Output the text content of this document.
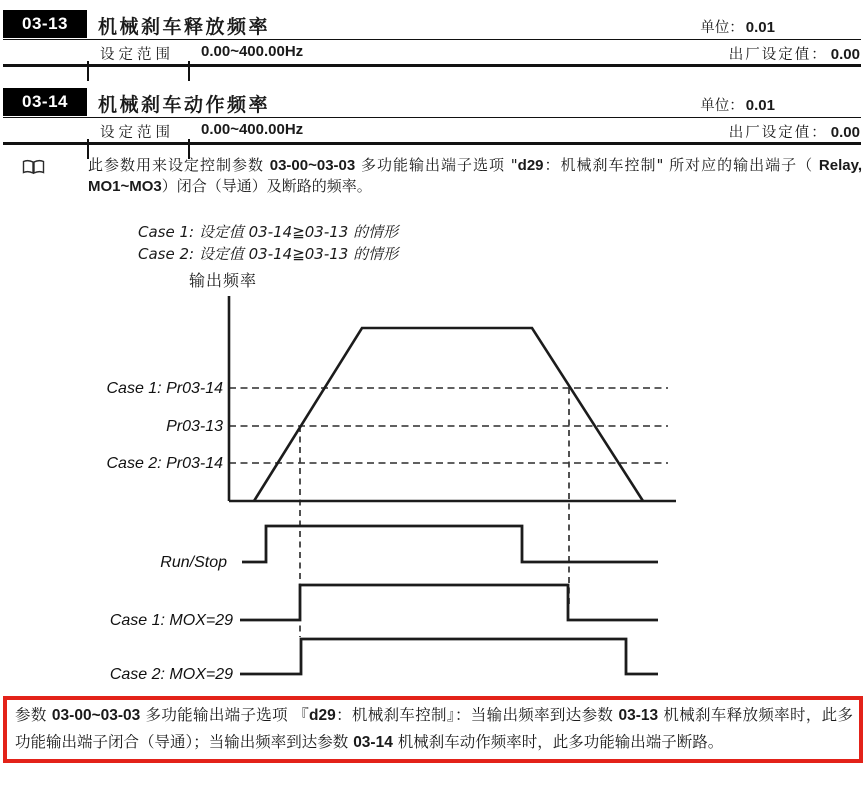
03-13	机械刹车释放频率	单位： 0.01
设定范围 0.00~400.00Hz	出厂设定值： 0.00
03-14	机械刹车动作频率	单位： 0.01
设定范围 0.00~400.00Hz	出厂设定值： 0.00
此参数用来设定控制参数 03-00~03-03 多功能输出端子选项 "d29：机械刹车控制" 所对应的输出端子（ Relay, MO1~MO3）闭合（导通）及断路的频率。
Case 1: 设定值 03-14≧03-13 的情形
Case 2: 设定值 03-14≧03-13 的情形
输出频率
Case 1: Pr03-14
Pr03-13
Case 2: Pr03-14
Run/Stop
Case 1: MOX=29
Case 2: MOX=29
参数 03-00~03-03 多功能输出端子选项 『d29：机械刹车控制』：当输出频率到达参数 03-13 机械刹车释放频率时，此多功能输出端子闭合（导通）；当输出频率到达参数 03-14 机械刹车动作频率时，此多功能输出端子断路。
